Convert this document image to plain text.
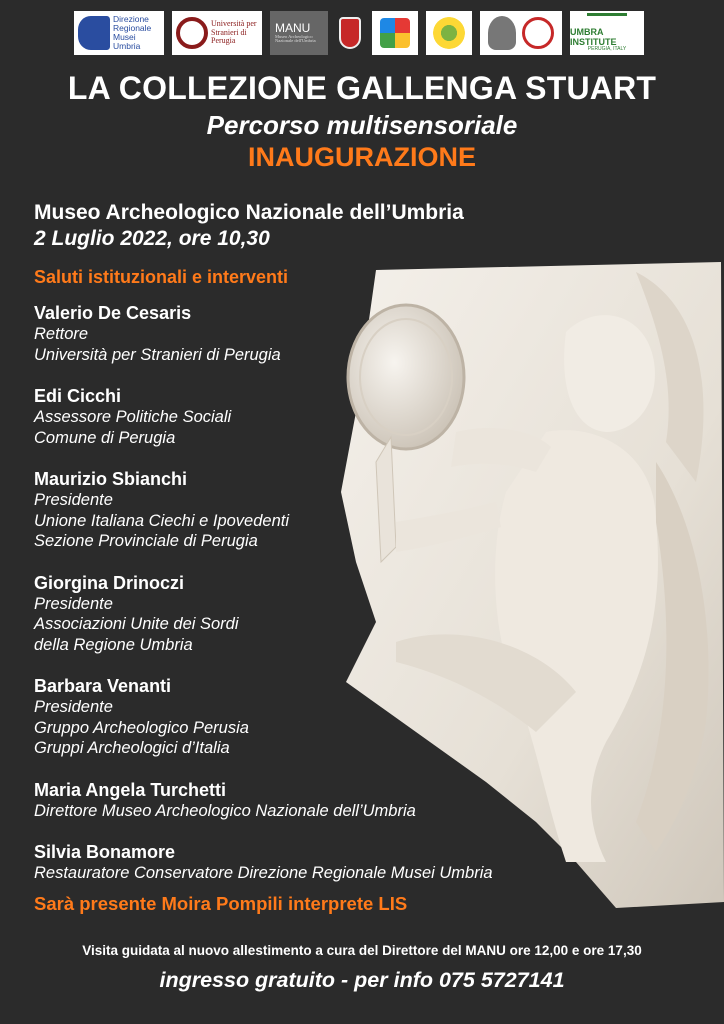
Direzione Regionale Musei Umbria
Università per Stranieri di Perugia
MANU
Museo Archeologico Nazionale dell'Umbria
UMBRA INSTITUTE
PERUGIA, ITALY
LA COLLEZIONE GALLENGA STUART
Percorso multisensoriale
INAUGURAZIONE
Museo Archeologico Nazionale dell’Umbria
2 Luglio 2022, ore 10,30
Saluti istituzionali e interventi
Valerio De Cesaris
Rettore
Università per Stranieri di Perugia
Edi Cicchi
Assessore Politiche Sociali
Comune di Perugia
Maurizio Sbianchi
Presidente
Unione Italiana Ciechi e Ipovedenti
Sezione Provinciale di Perugia
Giorgina Drinoczi
Presidente
Associazioni Unite dei Sordi
della Regione Umbria
Barbara Venanti
Presidente
Gruppo Archeologico Perusia
Gruppi Archeologici d’Italia
Maria Angela Turchetti
Direttore Museo Archeologico Nazionale dell’Umbria
Silvia Bonamore
Restauratore Conservatore Direzione Regionale Musei Umbria
Sarà presente Moira Pompili interprete LIS
Visita guidata al nuovo allestimento a cura del Direttore del MANU ore 12,00 e ore 17,30
ingresso gratuito - per info 075 5727141
